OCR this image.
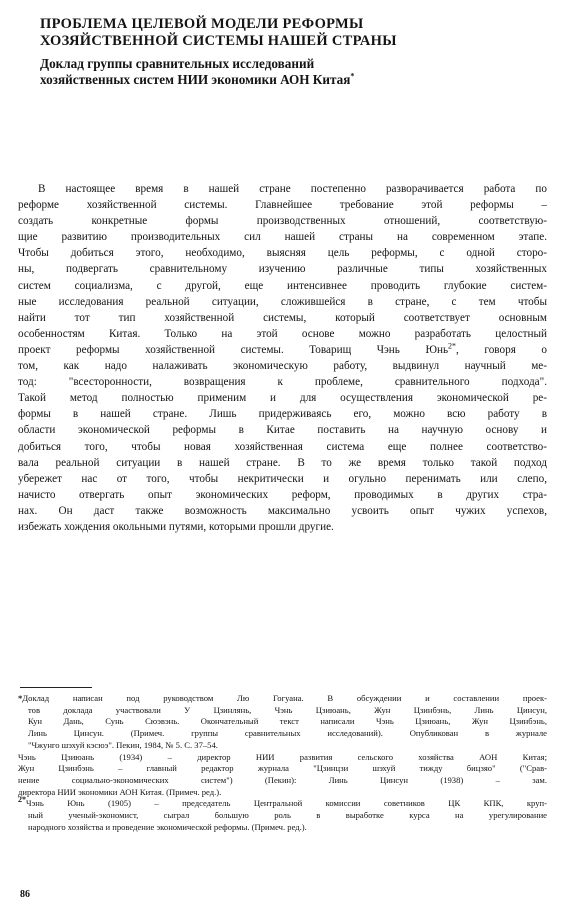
ПРОБЛЕМА ЦЕЛЕВОЙ МОДЕЛИ РЕФОРМЫ
ХОЗЯЙСТВЕННОЙ СИСТЕМЫ НАШЕЙ СТРАНЫ
Доклад группы сравнительных исследований
хозяйственных систем НИИ экономики АОН Китая*
В настоящее время в нашей стране постепенно разворачивается работа по
реформе хозяйственной системы. Главнейшее требование этой реформы –
создать конкретные формы производственных отношений, соответствую-
щие развитию производительных сил нашей страны на современном этапе.
Чтобы добиться этого, необходимо, выясняя цель реформы, с одной сторо-
ны, подвергать сравнительному изучению различные типы хозяйственных
систем социализма, с другой, еще интенсивнее проводить глубокие систем-
ные исследования реальной ситуации, сложившейся в стране, с тем чтобы
найти тот тип хозяйственной системы, который соответствует основным
особенностям Китая. Только на этой основе можно разработать целостный
проект реформы хозяйственной системы. Товарищ Чэнь Юнь$^{2*}$, говоря о
том, как надо налаживать экономическую работу, выдвинул научный ме-
тод: "всесторонности, возвращения к проблеме, сравнительного подхода".
Такой метод полностью применим и для осуществления экономической ре-
формы в нашей стране. Лишь придерживаясь его, можно всю работу в
области экономической реформы в Китае поставить на научную основу и
добиться того, чтобы новая хозяйственная система еще полнее соответство-
вала реальной ситуации в нашей стране. В то же время только такой подход
убережет нас от того, чтобы некритически и огульно перенимать или слепо,
начисто отвергать опыт экономических реформ, проводимых в других стра-
нах. Он даст также возможность максимально усвоить опыт чужих успехов,
избежать хождения окольными путями, которыми прошли другие.
*Доклад написан под руководством Лю Гогуана. В обсуждении и составлении проек-
тов доклада участвовали У Цзинлянь, Чэнь Цзиюань, Жун Цзинбэнь, Линь Цинсун,
Кун Дань, Сунь Сюэвэнь. Окончательный текст написали Чэнь Цзиюань, Жун Цзинбэнь,
Линь Цинсун. (Примеч. группы сравнительных исследований). Опубликован в журнале
"Чжунго шэхуй кэсюэ". Пекин, 1984, № 5. С. 37–54.
Чэнь Цзиюань (1934) – директор НИИ развития сельского хозяйства АОН Китая;
Жун Цзинбэнь – главный редактор журнала "Цзинцзи шэхуй тижду бицзяо" ("Срав-
нение социально-экономических систем") (Пекин): Линь Цинсун (1938) – зам.
директора НИИ экономики АОН Китая. (Примеч. ред.).
$^{2*}$Чэнь Юнь (1905) – председатель Центральной комиссии советников ЦК КПК, круп-
ный ученый-экономист, сыграл большую роль в выработке курса на урегулирование
народного хозяйства и проведение экономической реформы. (Примеч. ред.).
86
